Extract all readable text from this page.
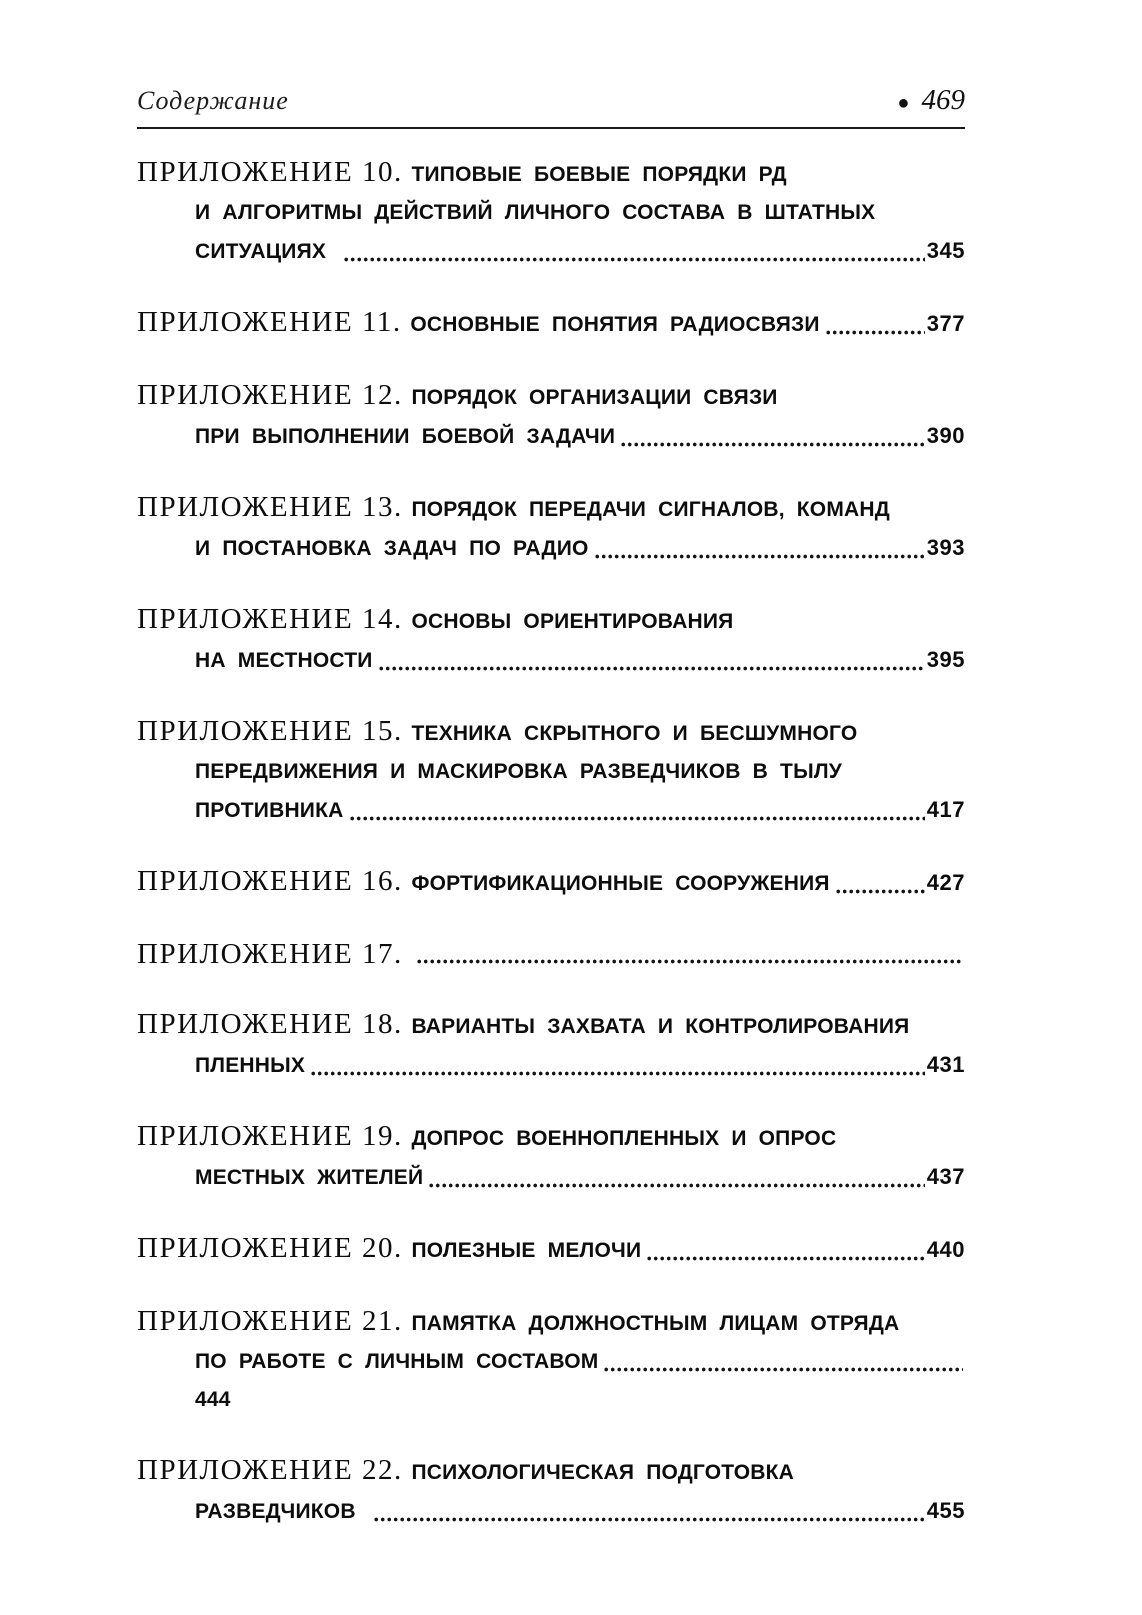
Содержание	● 469
ПРИЛОЖЕНИЕ 10. ТИПОВЫЕ БОЕВЫЕ ПОРЯДКИ РД
И АЛГОРИТМЫ ДЕЙСТВИЙ ЛИЧНОГО СОСТАВА В ШТАТНЫХ
СИТУАЦИЯХ	345
ПРИЛОЖЕНИЕ 11. ОСНОВНЫЕ ПОНЯТИЯ РАДИОСВЯЗИ	377
ПРИЛОЖЕНИЕ 12. ПОРЯДОК ОРГАНИЗАЦИИ СВЯЗИ
ПРИ ВЫПОЛНЕНИИ БОЕВОЙ ЗАДАЧИ	390
ПРИЛОЖЕНИЕ 13. ПОРЯДОК ПЕРЕДАЧИ СИГНАЛОВ, КОМАНД
И ПОСТАНОВКА ЗАДАЧ ПО РАДИО	393
ПРИЛОЖЕНИЕ 14. ОСНОВЫ ОРИЕНТИРОВАНИЯ
НА МЕСТНОСТИ	395
ПРИЛОЖЕНИЕ 15. ТЕХНИКА СКРЫТНОГО И БЕСШУМНОГО
ПЕРЕДВИЖЕНИЯ И МАСКИРОВКА РАЗВЕДЧИКОВ В ТЫЛУ
ПРОТИВНИКА	417
ПРИЛОЖЕНИЕ 16. ФОРТИФИКАЦИОННЫЕ СООРУЖЕНИЯ	427
ПРИЛОЖЕНИЕ 17.
ПРИЛОЖЕНИЕ 18. ВАРИАНТЫ ЗАХВАТА И КОНТРОЛИРОВАНИЯ
ПЛЕННЫХ	431
ПРИЛОЖЕНИЕ 19. ДОПРОС ВОЕННОПЛЕННЫХ И ОПРОС
МЕСТНЫХ ЖИТЕЛЕЙ	437
ПРИЛОЖЕНИЕ 20. ПОЛЕЗНЫЕ МЕЛОЧИ	440
ПРИЛОЖЕНИЕ 21. ПАМЯТКА ДОЛЖНОСТНЫМ ЛИЦАМ ОТРЯДА
ПО РАБОТЕ С ЛИЧНЫМ СОСТАВОМ
444
ПРИЛОЖЕНИЕ 22. ПСИХОЛОГИЧЕСКАЯ ПОДГОТОВКА
РАЗВЕДЧИКОВ	455
